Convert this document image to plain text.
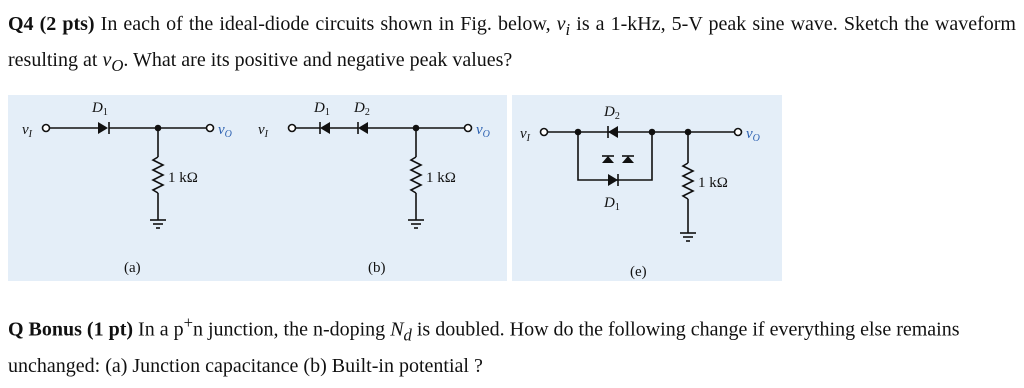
Q4 (2 pts) In each of the ideal-diode circuits shown in Fig. below, $v_i$ is a 1-kHz, 5-V peak sine wave. Sketch the waveform resulting at $v_O$. What are its positive and negative peak values?
$v_I$
$D_1$
$v_O$
1 kΩ
(a)
$v_I$
$D_1$ $D_2$
$v_O$
1 kΩ
(b)
$v_I$
$D_2$
$D_1$
$v_O$
1 kΩ
(e)
Q Bonus (1 pt) In a p+n junction, the n-doping $N_d$ is doubled. How do the following change if everything else remains unchanged: (a) Junction capacitance (b) Built-in potential ?
